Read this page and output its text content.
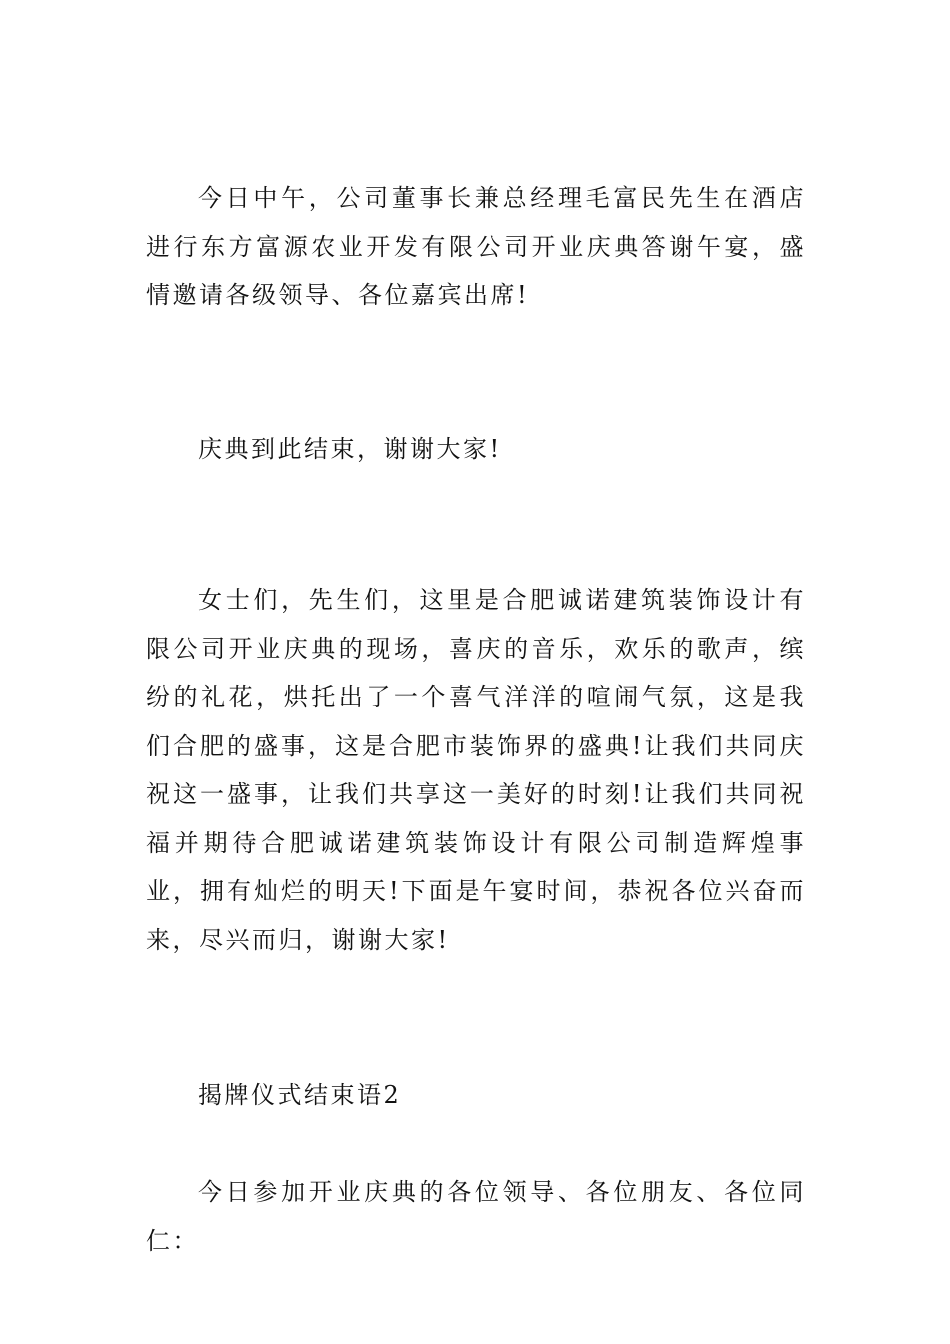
今日中午，公司董事长兼总经理毛富民先生在酒店进行东方富源农业开发有限公司开业庆典答谢午宴，盛情邀请各级领导、各位嘉宾出席!

庆典到此结束，谢谢大家!

女士们，先生们，这里是合肥诚诺建筑装饰设计有限公司开业庆典的现场，喜庆的音乐，欢乐的歌声，缤纷的礼花，烘托出了一个喜气洋洋的喧闹气氛，这是我们合肥的盛事，这是合肥市装饰界的盛典!让我们共同庆祝这一盛事，让我们共享这一美好的时刻!让我们共同祝福并期待合肥诚诺建筑装饰设计有限公司制造辉煌事业，拥有灿烂的明天!下面是午宴时间，恭祝各位兴奋而来，尽兴而归，谢谢大家!

揭牌仪式结束语2

今日参加开业庆典的各位领导、各位朋友、各位同仁：
